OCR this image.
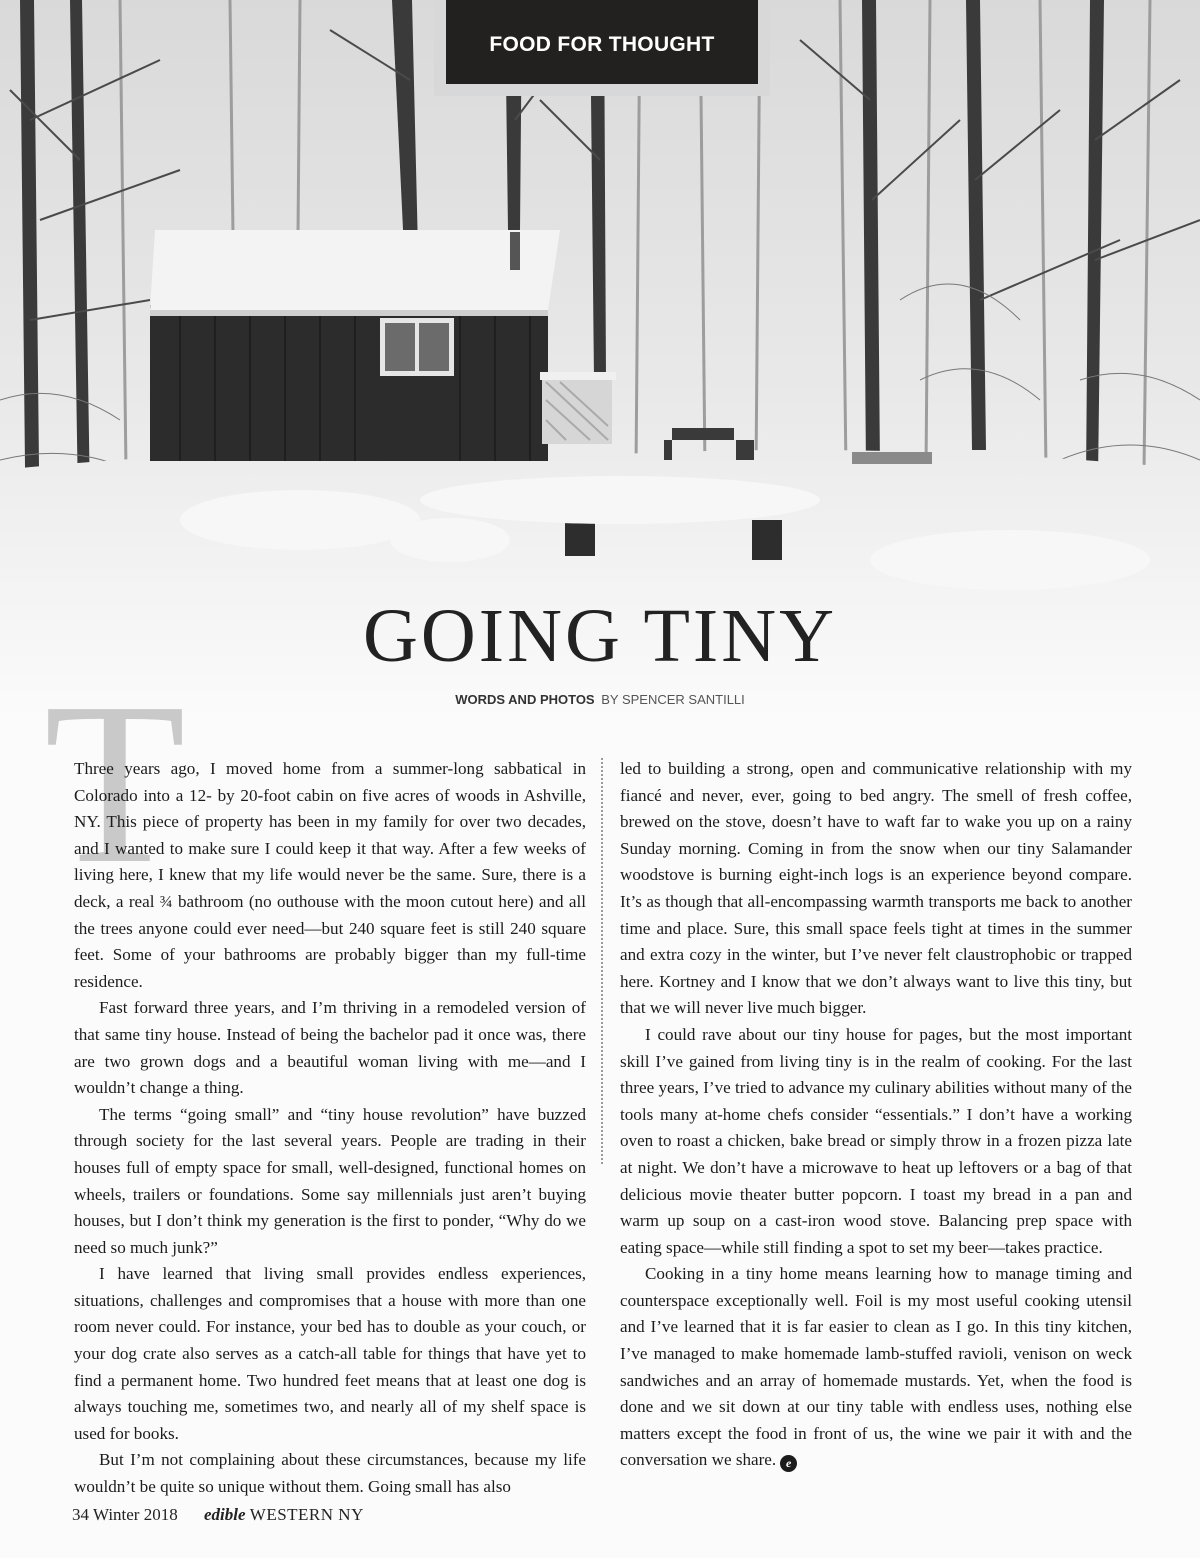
FOOD FOR THOUGHT
T
GOING TINY
WORDS AND PHOTOS BY SPENCER SANTILLI

Three years ago, I moved home from a summer-long sabbatical in Colorado into a 12- by 20-foot cabin on five acres of woods in Ashville, NY. This piece of property has been in my family for over two decades, and I wanted to make sure I could keep it that way. After a few weeks of living here, I knew that my life would never be the same. Sure, there is a deck, a real ¾ bathroom (no outhouse with the moon cutout here) and all the trees anyone could ever need—but 240 square feet is still 240 square feet. Some of your bathrooms are probably bigger than my full-time residence.

Fast forward three years, and I’m thriving in a remodeled version of that same tiny house. Instead of being the bachelor pad it once was, there are two grown dogs and a beautiful woman living with me—and I wouldn’t change a thing.

The terms “going small” and “tiny house revolution” have buzzed through society for the last several years. People are trading in their houses full of empty space for small, well-designed, functional homes on wheels, trailers or foundations. Some say millennials just aren’t buying houses, but I don’t think my generation is the first to ponder, “Why do we need so much junk?”

I have learned that living small provides endless experiences, situations, challenges and compromises that a house with more than one room never could. For instance, your bed has to double as your couch, or your dog crate also serves as a catch-all table for things that have yet to find a permanent home. Two hundred feet means that at least one dog is always touching me, sometimes two, and nearly all of my shelf space is used for books.

But I’m not complaining about these circumstances, because my life wouldn’t be quite so unique without them. Going small has also

led to building a strong, open and communicative relationship with my fiancé and never, ever, going to bed angry. The smell of fresh coffee, brewed on the stove, doesn’t have to waft far to wake you up on a rainy Sunday morning. Coming in from the snow when our tiny Salamander woodstove is burning eight-inch logs is an experience beyond compare. It’s as though that all-encompassing warmth transports me back to another time and place. Sure, this small space feels tight at times in the summer and extra cozy in the winter, but I’ve never felt claustrophobic or trapped here. Kortney and I know that we don’t always want to live this tiny, but that we will never live much bigger.

I could rave about our tiny house for pages, but the most important skill I’ve gained from living tiny is in the realm of cooking. For the last three years, I’ve tried to advance my culinary abilities without many of the tools many at-home chefs consider “essentials.” I don’t have a working oven to roast a chicken, bake bread or simply throw in a frozen pizza late at night. We don’t have a microwave to heat up leftovers or a bag of that delicious movie theater butter popcorn. I toast my bread in a pan and warm up soup on a cast-iron wood stove. Balancing prep space with eating space—while still finding a spot to set my beer—takes practice.

Cooking in a tiny home means learning how to manage timing and counterspace exceptionally well. Foil is my most useful cooking utensil and I’ve learned that it is far easier to clean as I go. In this tiny kitchen, I’ve managed to make homemade lamb-stuffed ravioli, venison on weck sandwiches and an array of homemade mustards. Yet, when the food is done and we sit down at our tiny table with endless uses, nothing else matters except the food in front of us, the wine we pair it with and the conversation we share. e

34 Winter 2018 edible WESTERN NY
